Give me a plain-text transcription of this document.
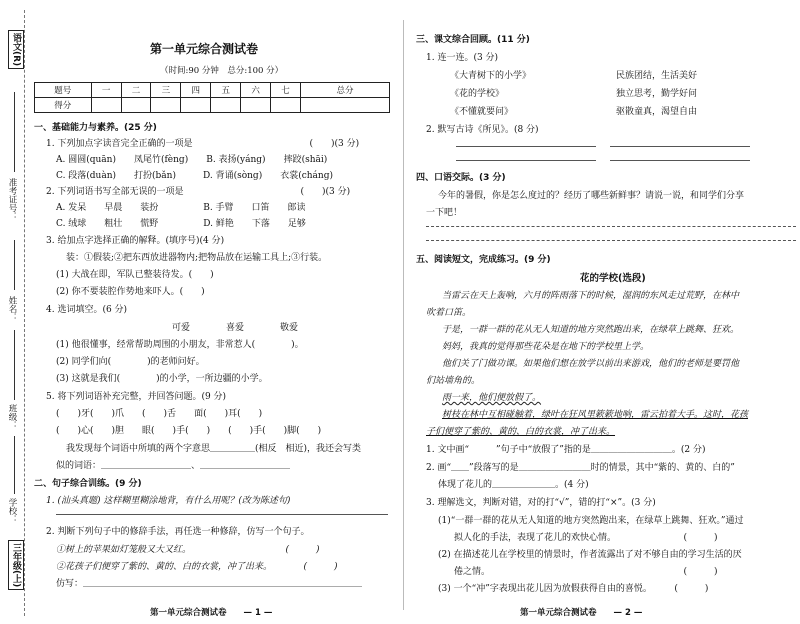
语文(R)
准考证号：
姓名：
班级：
学校：
三年级(上)
第一单元综合测试卷
（时间:90 分钟　总分:100 分）
题号	一	二	三	四	五	六	七	总分
得分								
一、基础能力与素养。(25 分)
1. 下列加点字读音完全正确的一项是　　　　　　　　　　　　　(　　)(3 分)
A. 圆圆(quān)　　凤尾竹(fèng)　　B. 表扬(yáng)　　摔跤(shāi)
C. 段落(duàn)　　打扮(bǎn)　　　D. 背诵(sòng)　　衣裳(cháng)
2. 下列词语书写全部无误的一项是　　　　　　　　　　　　　(　　)(3 分)
A. 发呆　　早晨　　装扮　　　　　B. 手臂　　口笛　　郎读
C. 绒球　　粗壮　　慌野　　　　　D. 鲜艳　　下落　　足够
3. 给加点字选择正确的解释。(填序号)(4 分)
装：①假装;②把东西放进器物内;把物品放在运输工具上;③行装。
(1) 大战在即，军队已整装待发。(　　)
(2) 你不要装腔作势地来吓人。(　　)
4. 选词填空。(6 分)
可爱　　　　喜爱　　　　敬爱
(1) 他很懂事，经常帮助周围的小朋友，非常惹人(　　　　)。
(2) 同学们向(　　　　)的老师问好。
(3) 这就是我们(　　　　)的小学，一所边疆的小学。
5. 将下列词语补充完整，并回答问题。(9 分)
(　　)牙(　　)爪　　(　　)舌　　面(　　)耳(　　)
(　　)心(　　)胆　　眼(　　)手(　　)　　(　　)手(　　)脚(　　)
我发现每个词语中所填的两个字意思＿＿＿＿＿(相反　相近)，我还会写类
似的词语：＿＿＿＿＿＿＿＿＿＿、＿＿＿＿＿＿＿＿＿＿
二、句子综合训练。(9 分)
1. (汕头真题) 这样糊里糊涂地背，有什么用呢？(改为陈述句)
2. 判断下列句子中的修辞手法，再任选一种修辞，仿写一个句子。
①树上的苹果如灯笼般又大又红。　　　　　　　　　　　(　　　)
②花孩子们便穿了紫的、黄的、白的衣裳，冲了出来。　　　　(　　　)
仿写：＿＿＿＿＿＿＿＿＿＿＿＿＿＿＿＿＿＿＿＿＿＿＿＿＿＿＿＿＿＿＿
第一单元综合测试卷　　— 1 —
三、课文综合回顾。(11 分)
1. 连一连。(3 分)
《大青树下的小学》
《花的学校》
《不懂就要问》
民族团结，生活美好
独立思考，勤学好问
驱散童真，渴望自由
2. 默写古诗《所见》。(8 分)
四、口语交际。(3 分)
今年的暑假，你是怎么度过的？经历了哪些新鲜事？请说一说，和同学们分享
一下吧！
五、阅读短文，完成练习。(9 分)
花的学校(选段)
当雷云在天上轰响，六月的阵雨落下的时候，湿润的东风走过荒野，在林中
吹着口笛。
于是，一群一群的花从无人知道的地方突然跑出来，在绿草上跳舞、狂欢。
妈妈，我真的觉得那些花朵是在地下的学校里上学。
他们关了门做功课。如果他们想在放学以前出来游戏，他们的老师是要罚他
们站墙角的。
雨一来，他们便放假了。
树枝在林中互相碰触着，绿叶在狂风里簌簌地响，雷云拍着大手。这时，花孩
子们便穿了紫的、黄的、白的衣裳，冲了出来。
1. 文中画“　　　”句子中“放假了”指的是＿＿＿＿＿＿＿＿＿。(2 分)
2. 画“＿＿”段落写的是＿＿＿＿＿＿＿＿时的情景，其中“紫的、黄的、白的”
体现了花儿的＿＿＿＿＿＿＿。(4 分)
3. 理解选文，判断对错，对的打“√”，错的打“×”。(3 分)
(1)“一群一群的花从无人知道的地方突然跑出来，在绿草上跳舞、狂欢。”通过
拟人化的手法，表现了花儿的欢快心情。　　　　　　　　(　　　)
(2) 在描述花儿在学校里的情景时，作者流露出了对不够自由的学习生活的厌
倦之情。　　　　　　　　　　　　　　　　　　　　　　(　　　)
(3) 一个“冲”字表现出花儿因为放假获得自由的喜悦。　　　(　　　)
第一单元综合测试卷　　— 2 —
